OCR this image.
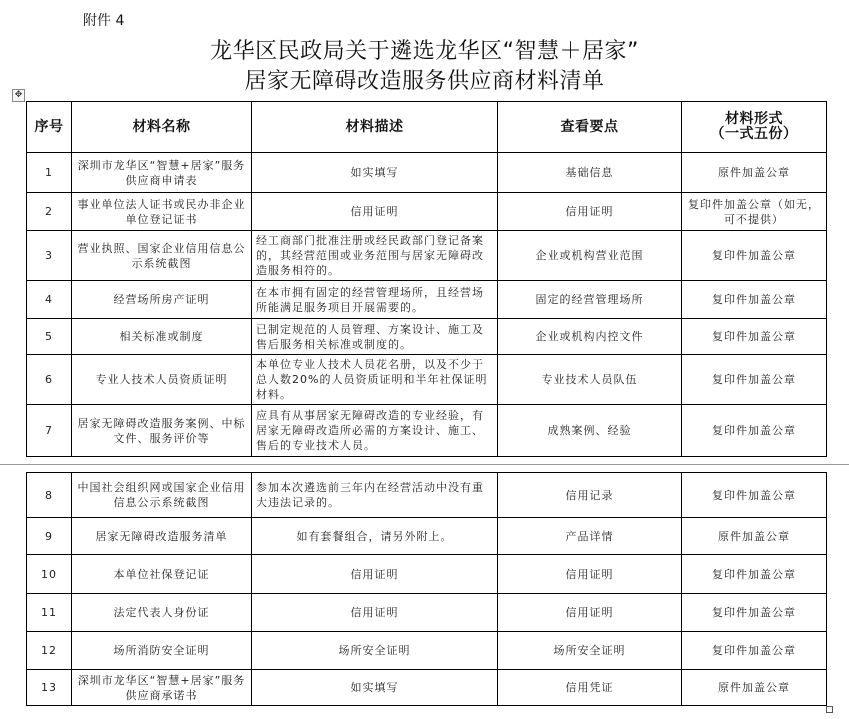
附件 4
龙华区民政局关于遴选龙华区“智慧＋居家”
居家无障碍改造服务供应商材料清单
✥
序号	材料名称	材料描述	查看要点	材料形式
（一式五份）

1	深圳市龙华区“智慧+居家”服务供应商申请表	如实填写	基础信息	原件加盖公章
2	事业单位法人证书或民办非企业单位登记证书	信用证明	信用证明	复印件加盖公章（如无，可不提供）
3	营业执照、国家企业信用信息公示系统截图	经工商部门批准注册或经民政部门登记备案的，其经营范围或业务范围与居家无障碍改造服务相符的。	企业或机构营业范围	复印件加盖公章
4	经营场所房产证明	在本市拥有固定的经营管理场所，且经营场所能满足服务项目开展需要的。	固定的经营管理场所	复印件加盖公章
5	相关标准或制度	已制定规范的人员管理、方案设计、施工及售后服务相关标准或制度的。	企业或机构内控文件	复印件加盖公章
6	专业人技术人员资质证明	本单位专业人技术人员花名册，以及不少于总人数20%的人员资质证明和半年社保证明材料。	专业技术人员队伍	复印件加盖公章
7	居家无障碍改造服务案例、中标文件、服务评价等	应具有从事居家无障碍改造的专业经验，有居家无障碍改造所必需的方案设计、施工、售后的专业技术人员。	成熟案例、经验	复印件加盖公章
8	中国社会组织网或国家企业信用信息公示系统截图	参加本次遴选前三年内在经营活动中没有重大违法记录的。	信用记录	复印件加盖公章
9	居家无障碍改造服务清单	如有套餐组合，请另外附上。	产品详情	原件加盖公章
10	本单位社保登记证	信用证明	信用证明	复印件加盖公章
11	法定代表人身份证	信用证明	信用证明	复印件加盖公章
12	场所消防安全证明	场所安全证明	场所安全证明	复印件加盖公章
13	深圳市龙华区“智慧+居家”服务供应商承诺书	如实填写	信用凭证	原件加盖公章
